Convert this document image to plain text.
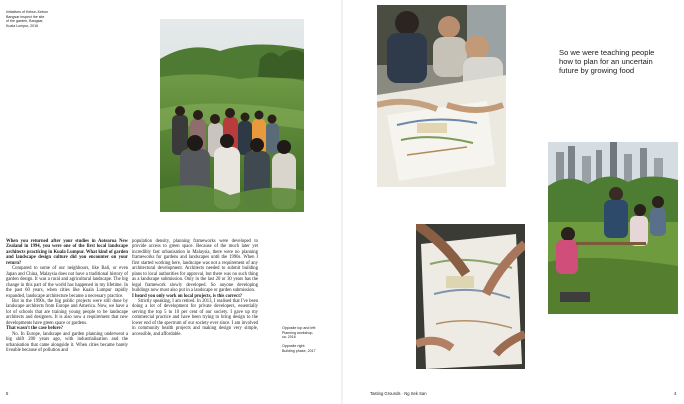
Initiatives of Kebun-Kebun
Bangsar inspect the site
of the garden, Bangsar,
Kuala Lumpur, 2016

When you returned after your studies in Aotearoa New Zealand in 1994, you were one of the first local landscape architects practicing in Kuala Lumpur. What kind of garden and landscape design culture did you encounter on your return?

Compared to some of our neighbours, like Bali, or even Japan and China, Malaysia does not have a traditional history of garden design. It was a rural and agricultural landscape. The big change in this part of the world has happened in my lifetime. In the past 60 years, when cities like Kuala Lumpur rapidly expanded, landscape architecture became a necessary practice.

But in the 1990s, the big public projects were still done by landscape architects from Europe and America. Now, we have a lot of schools that are training young people to be landscape architects and designers. It is also now a requirement that new developments have green space or gardens.

That wasn't the case before?

No. In Europe, landscape and garden planning underwent a big shift 200 years ago, with industrialisation and the urbanisation that came alongside it. When cities became barely liveable because of pollution and

population density, planning frameworks were developed to provide access to green space. Because of the much later yet incredibly fast urbanisation in Malaysia, there were no planning frameworks for gardens and landscapes until the 1990s. When I first started working here, landscape was not a requirement of any architectural development. Architects needed to submit building plans to local authorities for approval, but there was no such thing as a landscape submission. Only in the last 20 or 30 years has the legal framework slowly developed. So anyone developing buildings now must also put in a landscape or garden submission.

I heard you only work on local projects, is this correct?

Strictly speaking, I am retired. In 2013, I realised that I've been doing a lot of development for private developers, essentially serving the top 5 to 10 per cent of our society. I gave up my commercial practice and have been trying to bring design to the lower end of the spectrum of our society ever since. I am involved in community health projects and making design very simple, accessible, and affordable.

Opposite top and left:
Planning workshop,
ca. 2016

Opposite right:
Building phase, 2017
5
So we were teaching people how to plan for an uncertain future by growing food
Tasting Grounds · Ng Sek San	4
